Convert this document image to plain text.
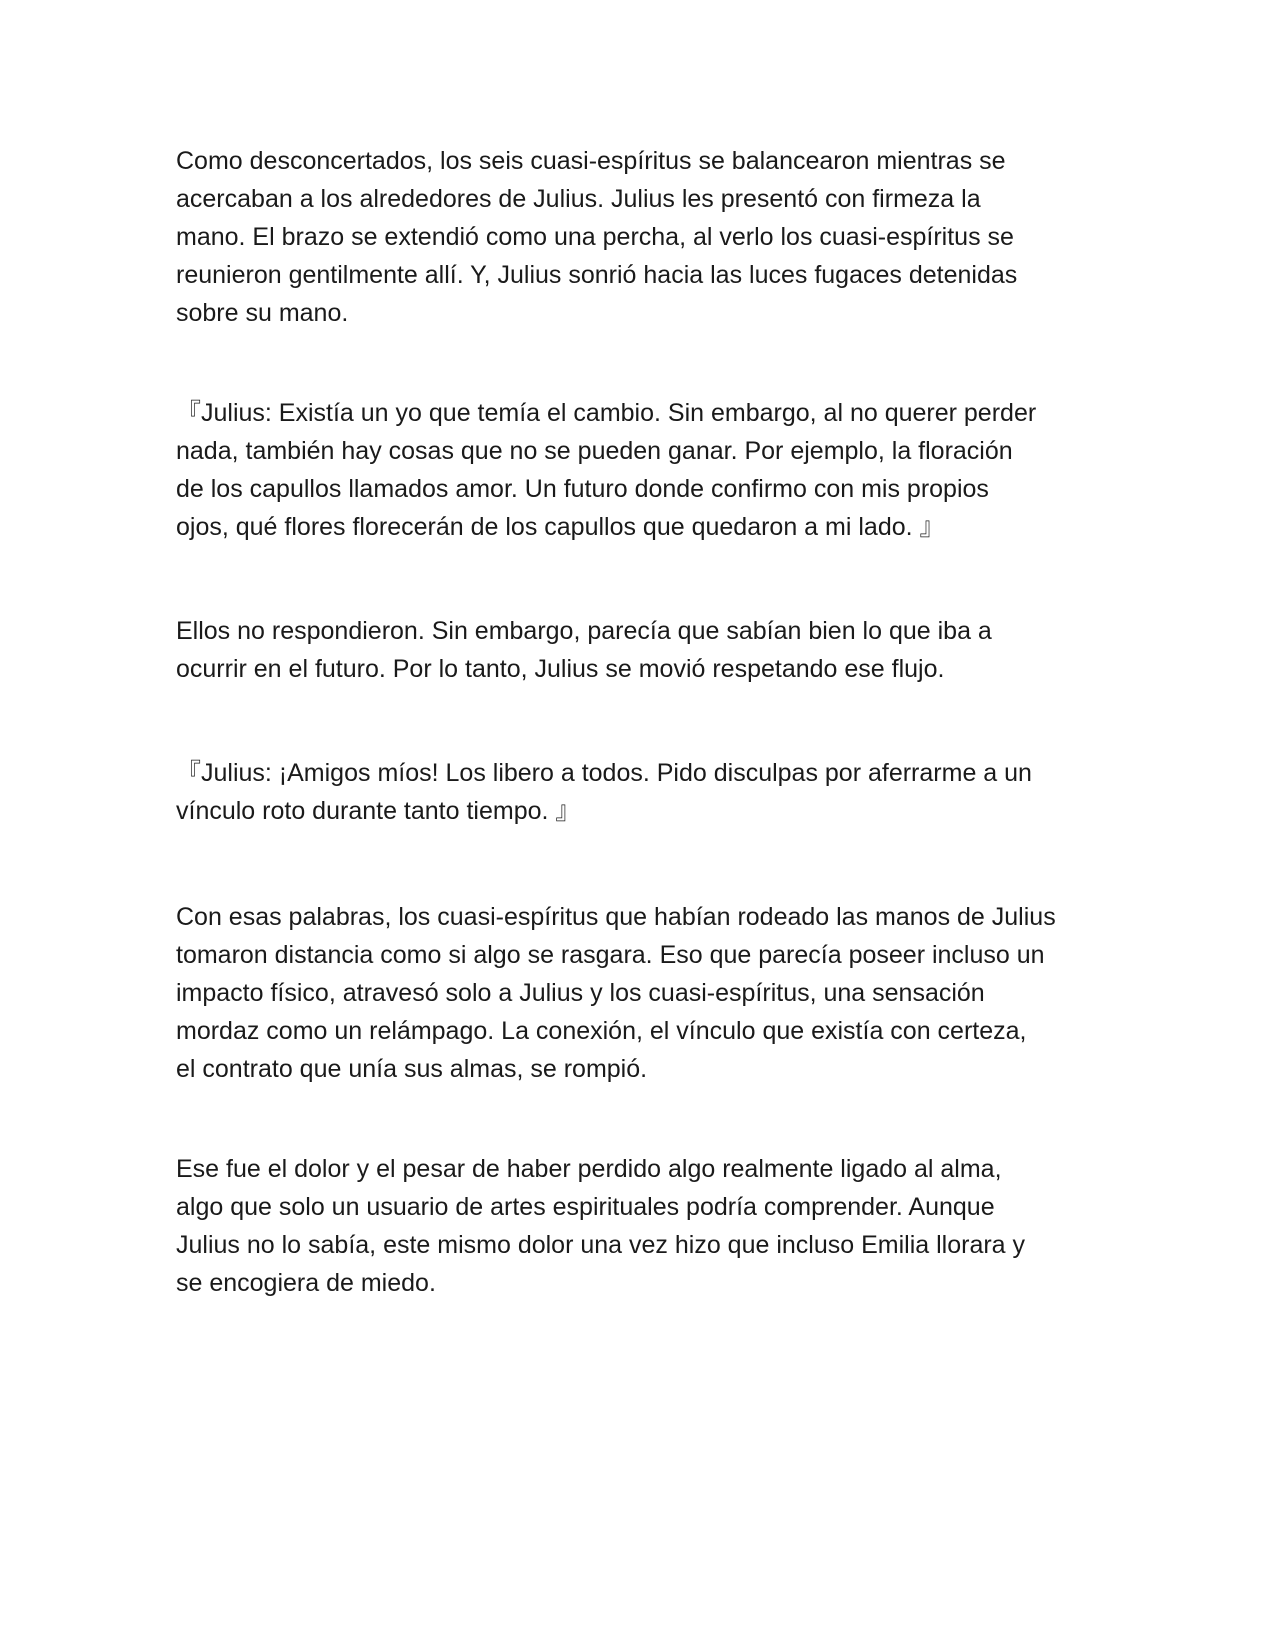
Como desconcertados, los seis cuasi-espíritus se balancearon mientras se
acercaban a los alrededores de Julius. Julius les presentó con firmeza la
mano. El brazo se extendió como una percha, al verlo los cuasi-espíritus se
reunieron gentilmente allí. Y, Julius sonrió hacia las luces fugaces detenidas
sobre su mano.

『Julius: Existía un yo que temía el cambio. Sin embargo, al no querer perder
nada, también hay cosas que no se pueden ganar. Por ejemplo, la floración
de los capullos llamados amor. Un futuro donde confirmo con mis propios
ojos, qué flores florecerán de los capullos que quedaron a mi lado. 』

Ellos no respondieron. Sin embargo, parecía que sabían bien lo que iba a
ocurrir en el futuro. Por lo tanto, Julius se movió respetando ese flujo.

『Julius: ¡Amigos míos! Los libero a todos. Pido disculpas por aferrarme a un
vínculo roto durante tanto tiempo. 』

Con esas palabras, los cuasi-espíritus que habían rodeado las manos de Julius
tomaron distancia como si algo se rasgara. Eso que parecía poseer incluso un
impacto físico, atravesó solo a Julius y los cuasi-espíritus, una sensación
mordaz como un relámpago. La conexión, el vínculo que existía con certeza,
el contrato que unía sus almas, se rompió.

Ese fue el dolor y el pesar de haber perdido algo realmente ligado al alma,
algo que solo un usuario de artes espirituales podría comprender. Aunque
Julius no lo sabía, este mismo dolor una vez hizo que incluso Emilia llorara y
se encogiera de miedo.
